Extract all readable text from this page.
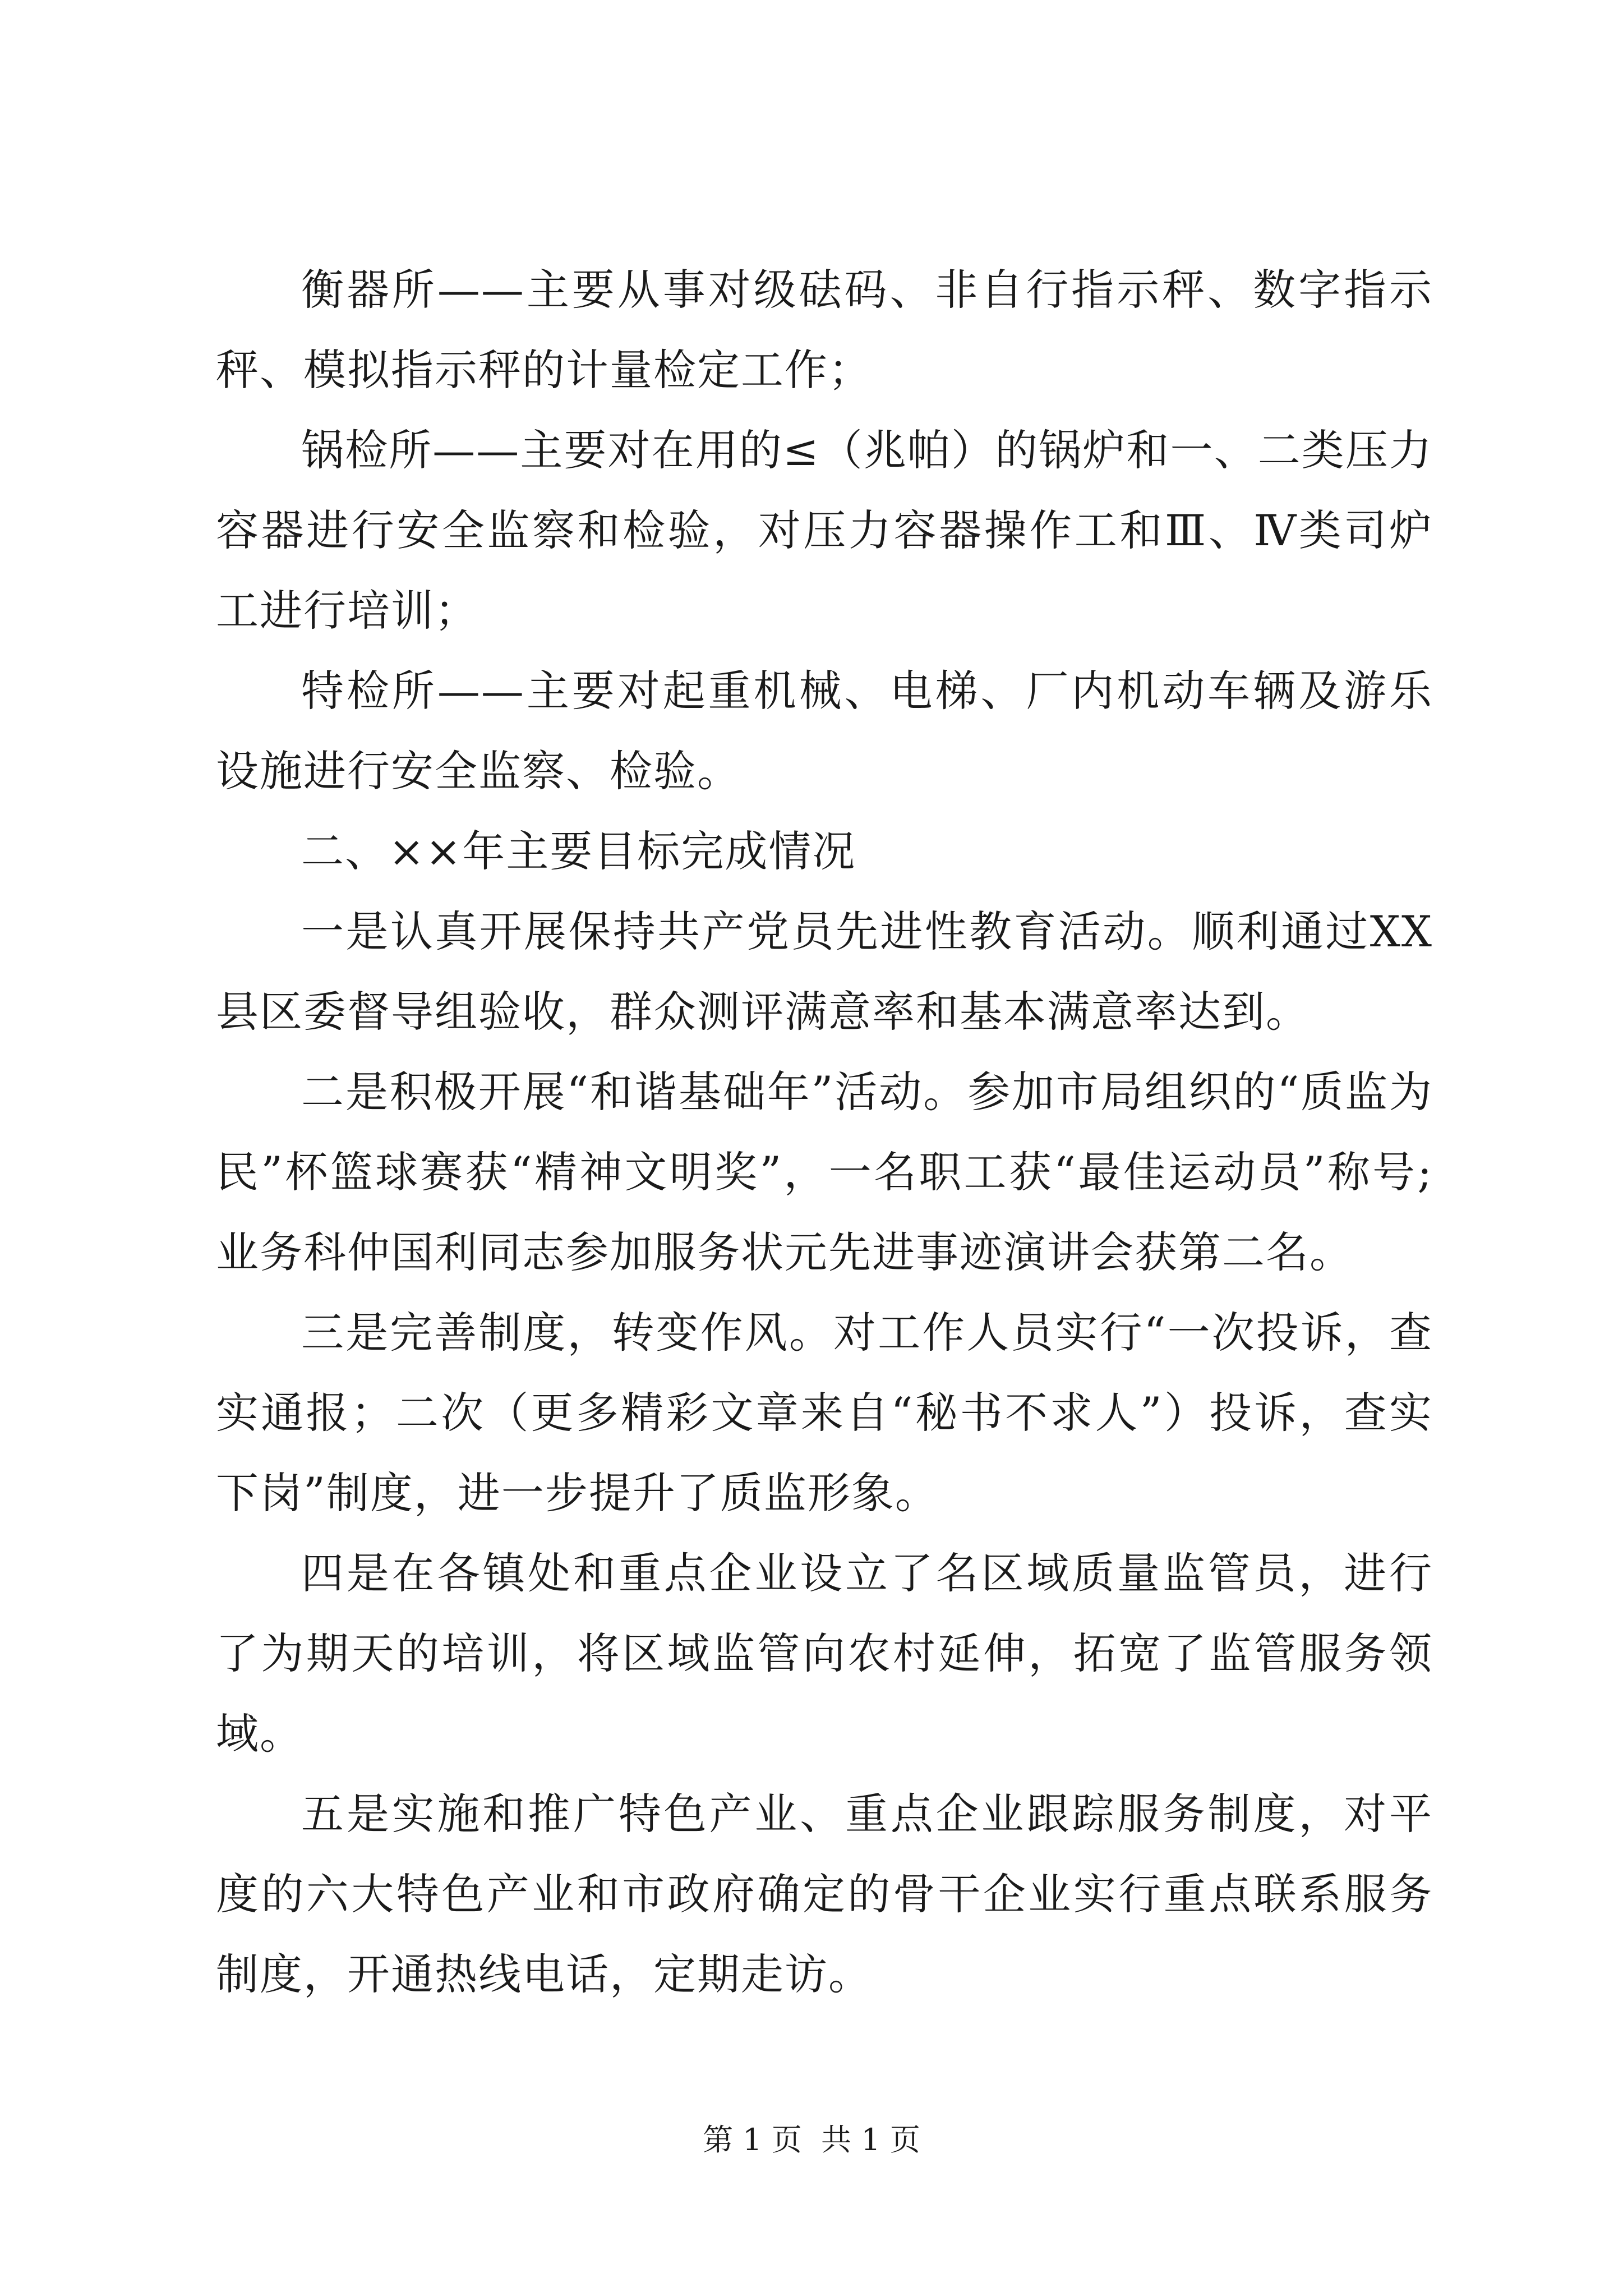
衡器所——主要从事对级砝码、非自行指示秤、数字指示秤、模拟指示秤的计量检定工作；

锅检所——主要对在用的≤（兆帕）的锅炉和一、二类压力容器进行安全监察和检验，对压力容器操作工和Ⅲ、Ⅳ类司炉工进行培训；

特检所——主要对起重机械、电梯、厂内机动车辆及游乐设施进行安全监察、检验。

二、××年主要目标完成情况

一是认真开展保持共产党员先进性教育活动。顺利通过XX县区委督导组验收，群众测评满意率和基本满意率达到。

二是积极开展“和谐基础年”活动。参加市局组织的“质监为民”杯篮球赛获“精神文明奖”，一名职工获“最佳运动员”称号;业务科仲国利同志参加服务状元先进事迹演讲会获第二名。

三是完善制度，转变作风。对工作人员实行“一次投诉，查实通报；二次（更多精彩文章来自“秘书不求人”）投诉，查实下岗”制度，进一步提升了质监形象。

四是在各镇处和重点企业设立了名区域质量监管员，进行了为期天的培训，将区域监管向农村延伸，拓宽了监管服务领域。

五是实施和推广特色产业、重点企业跟踪服务制度，对平度的六大特色产业和市政府确定的骨干企业实行重点联系服务制度，开通热线电话，定期走访。

第 1 页  共 1 页
